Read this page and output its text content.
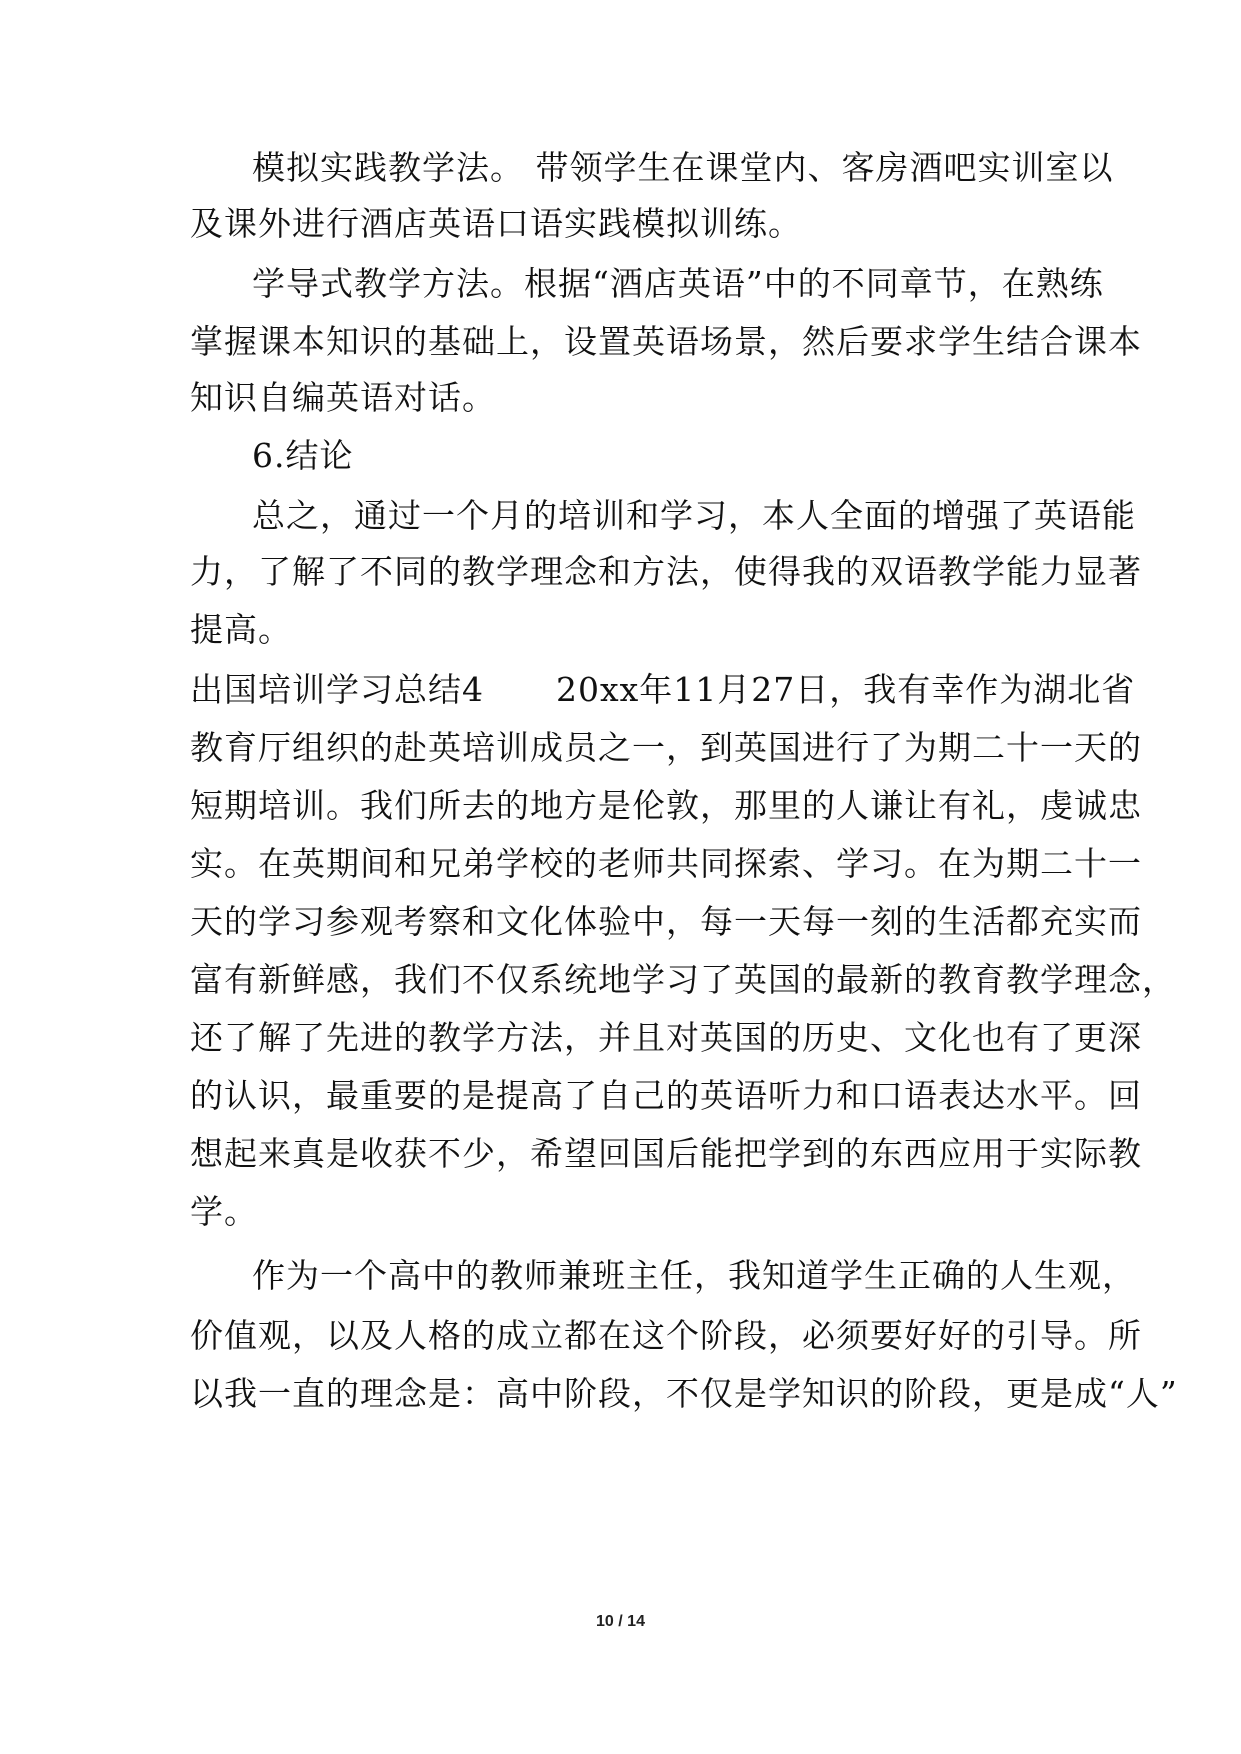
模拟实践教学法。 带领学生在课堂内、客房酒吧实训室以
及课外进行酒店英语口语实践模拟训练。
学导式教学方法。根据“酒店英语”中的不同章节，在熟练
掌握课本知识的基础上，设置英语场景，然后要求学生结合课本
知识自编英语对话。
6.结论
总之，通过一个月的培训和学习，本人全面的增强了英语能
力，了解了不同的教学理念和方法，使得我的双语教学能力显著
提高。
出国培训学习总结4 20xx年11月27日，我有幸作为湖北省
教育厅组织的赴英培训成员之一，到英国进行了为期二十一天的
短期培训。我们所去的地方是伦敦，那里的人谦让有礼，虔诚忠
实。在英期间和兄弟学校的老师共同探索、学习。在为期二十一
天的学习参观考察和文化体验中，每一天每一刻的生活都充实而
富有新鲜感，我们不仅系统地学习了英国的最新的教育教学理念，
还了解了先进的教学方法，并且对英国的历史、文化也有了更深
的认识，最重要的是提高了自己的英语听力和口语表达水平。回
想起来真是收获不少，希望回国后能把学到的东西应用于实际教
学。
作为一个高中的教师兼班主任，我知道学生正确的人生观，
价值观，以及人格的成立都在这个阶段，必须要好好的引导。所
以我一直的理念是：高中阶段，不仅是学知识的阶段，更是成“人”
10 / 14
